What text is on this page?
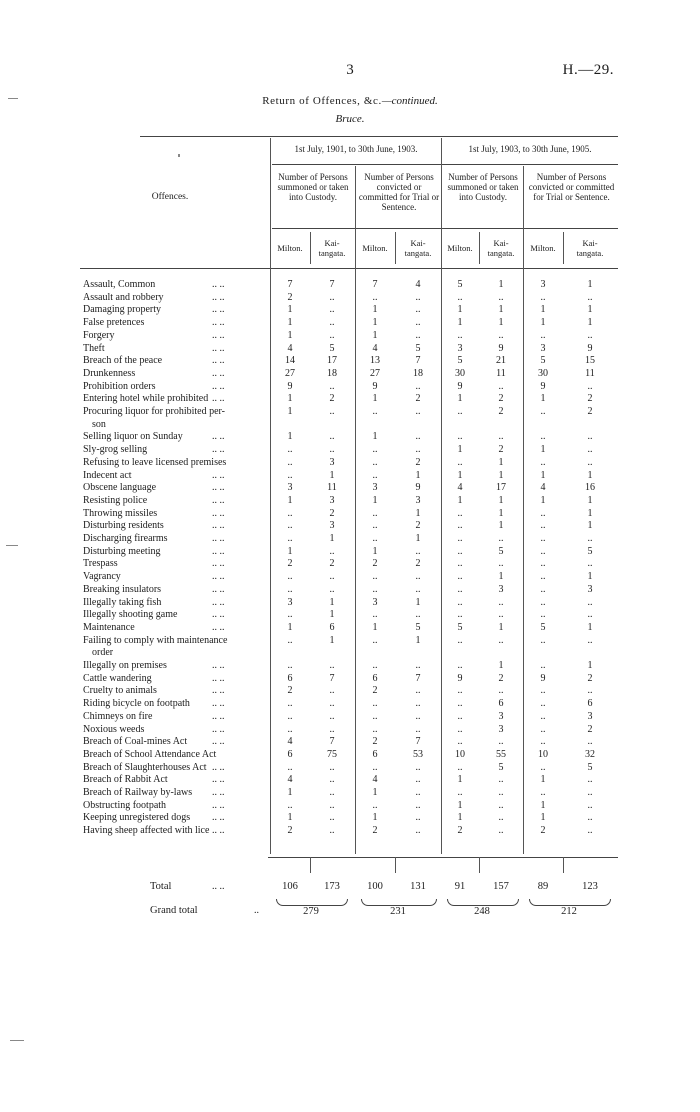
3	H.—29.
Return of Offences, &c.—continued.
Bruce.
Offences.
1st July, 1901, to 30th June, 1903.	1st July, 1903, to 30th June, 1905.
Number of Persons summoned or taken into Custody.
Number of Persons convicted or committed for Trial or Sentence.
Number of Persons summoned or taken into Custody.
Number of Persons convicted or committed for Trial or Sentence.
Milton.	Kai-tangata.	Milton.	Kai-tangata.	Milton.	Kai-tangata.	Milton.	Kai-tangata.
Assault, Common	.. ..	7	7	7	4	5	1	3	1
Assault and robbery	.. ..	2	..	..	..	..	..	..	..
Damaging property	.. ..	1	..	1	..	1	1	1	1
False pretences	.. ..	1	..	1	..	1	1	1	1
Forgery	.. ..	1	..	1	..	..	..	..	..
Theft	.. ..	4	5	4	5	3	9	3	9
Breach of the peace	.. ..	14	17	13	7	5	21	5	15
Drunkenness	.. ..	27	18	27	18	30	11	30	11
Prohibition orders	.. ..	9	..	9	..	9	..	9	..
Entering hotel while prohibited .. ..	1	2	1	2	1	2	1	2
Procuring liquor for prohibited per-	1	..	..	..	..	2	..	2
son
Selling liquor on Sunday	.. ..	1	..	1	..	..	..	..	..
Sly-grog selling	.. ..	..	..	..	..	1	2	1	..
Refusing to leave licensed premises	..	3	..	2	..	1	..	..
Indecent act	.. ..	..	1	..	1	1	1	1	1
Obscene language	.. ..	3	11	3	9	4	17	4	16
Resisting police	.. ..	1	3	1	3	1	1	1	1
Throwing missiles	.. ..	..	2	..	1	..	1	..	1
Disturbing residents	.. ..	..	3	..	2	..	1	..	1
Discharging firearms	.. ..	..	1	..	1	..	..	..	..
Disturbing meeting	.. ..	1	..	1	..	..	5	..	5
Trespass	.. ..	2	2	2	2	..	..	..	..
Vagrancy	.. ..	..	..	..	..	..	1	..	1
Breaking insulators	.. ..	..	..	..	..	..	3	..	3
Illegally taking fish	.. ..	3	1	3	1	..	..	..	..
Illegally shooting game	.. ..	..	1	..	..	..	..	..	..
Maintenance	.. ..	1	6	1	5	5	1	5	1
Failing to comply with maintenance	..	1	..	1	..	..	..	..
order
Illegally on premises	.. ..	..	..	..	..	..	1	..	1
Cattle wandering	.. ..	6	7	6	7	9	2	9	2
Cruelty to animals	.. ..	2	..	2	..	..	..	..	..
Riding bicycle on footpath .. ..	..	..	..	..	..	6	..	6
Chimneys on fire	.. ..	..	..	..	..	..	3	..	3
Noxious weeds	.. ..	..	..	..	..	..	3	..	2
Breach of Coal-mines Act .. ..	4	7	2	7	..	..	..	..
Breach of School Attendance Act	6	75	6	53	10	55	10	32
Breach of Slaughterhouses Act .. ..	..	..	..	..	..	5	..	5
Breach of Rabbit Act	.. ..	4	..	4	..	1	..	1	..
Breach of Railway by-laws .. ..	1	..	1	..	..	..	..	..
Obstructing footpath	.. ..	..	..	..	..	1	..	1	..
Keeping unregistered dogs .. ..	1	..	1	..	1	..	1	..
Having sheep affected with lice .. ..	2	..	2	..	2	..	2	..
Total	.. ..	106	173	100	131	91	157	89	123
Grand total	..	279	231	248	212
